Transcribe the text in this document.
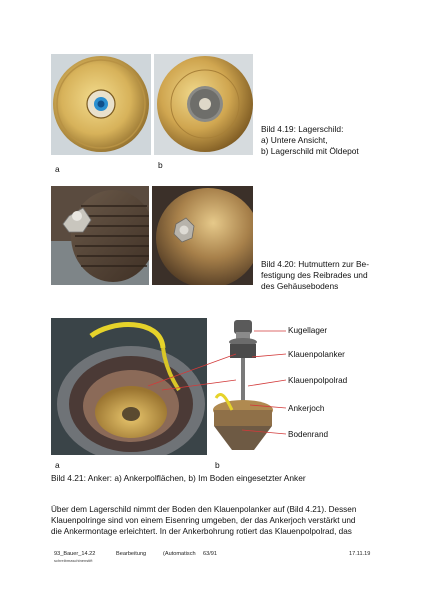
Bild 4.19: Lagerschild:
a) Untere Ansicht,
b) Lagerschild mit Öldepot
a	b
Bild 4.20: Hutmuttern zur Be-
festigung des Reibrades und
des Gehäusebodens
Kugellager
Klauenpolanker
Klauenpolpolrad
Ankerjoch
Bodenrand
a	b
Bild 4.21: Anker: a) Ankerpolflächen, b) Im Boden eingesetzter Anker
Über dem Lagerschild nimmt der Boden den Klauenpolanker auf (Bild 4.21). Dessen
Klauenpolringe sind von einem Eisenring umgeben, der das Ankerjoch verstärkt und
die Ankermontage erleichtert. In der Ankerbohrung rotiert das Klauenpolpolrad, das
93_Bauer_14.22
schreibmaschinenstift
Bearbeitung	(Automatisch 63/91	17.11.19
